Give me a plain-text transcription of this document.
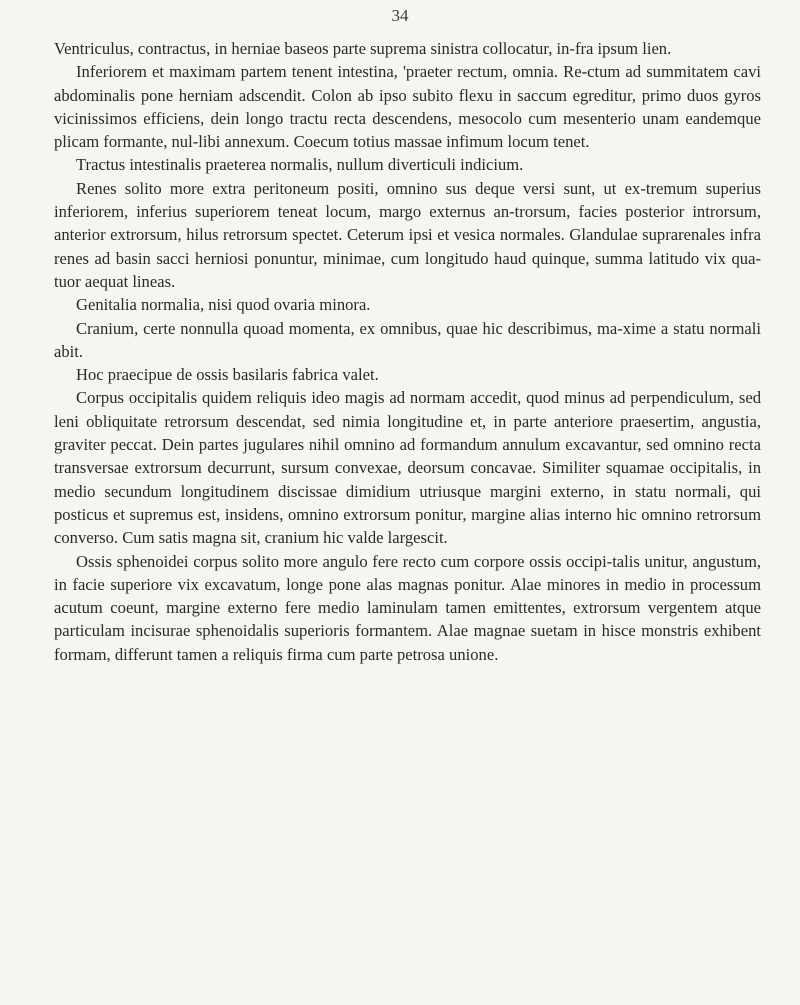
34

Ventriculus, contractus, in herniae baseos parte suprema sinistra collocatur, in-fra ipsum lien.

Inferiorem et maximam partem tenent intestina, 'praeter rectum, omnia. Re-ctum ad summitatem cavi abdominalis pone herniam adscendit. Colon ab ipso subito flexu in saccum egreditur, primo duos gyros vicinissimos efficiens, dein longo tractu recta descendens, mesocolo cum mesenterio unam eandemque plicam formante, nul-libi annexum. Coecum totius massae infimum locum tenet.

Tractus intestinalis praeterea normalis, nullum diverticuli indicium.

Renes solito more extra peritoneum positi, omnino sus deque versi sunt, ut ex-tremum superius inferiorem, inferius superiorem teneat locum, margo externus an-trorsum, facies posterior introrsum, anterior extrorsum, hilus retrorsum spectet. Ceterum ipsi et vesica normales. Glandulae suprarenales infra renes ad basin sacci herniosi ponuntur, minimae, cum longitudo haud quinque, summa latitudo vix qua-tuor aequat lineas.

Genitalia normalia, nisi quod ovaria minora.

Cranium, certe nonnulla quoad momenta, ex omnibus, quae hic describimus, ma-xime a statu normali abit.

Hoc praecipue de ossis basilaris fabrica valet.

Corpus occipitalis quidem reliquis ideo magis ad normam accedit, quod minus ad perpendiculum, sed leni obliquitate retrorsum descendat, sed nimia longitudine et, in parte anteriore praesertim, angustia, graviter peccat. Dein partes jugulares nihil omnino ad formandum annulum excavantur, sed omnino recta transversae extrorsum decurrunt, sursum convexae, deorsum concavae. Similiter squamae occipitalis, in medio secundum longitudinem discissae dimidium utriusque margini externo, in statu normali, qui posticus et supremus est, insidens, omnino extrorsum ponitur, margine alias interno hic omnino retrorsum converso. Cum satis magna sit, cranium hic valde largescit.

Ossis sphenoidei corpus solito more angulo fere recto cum corpore ossis occipi-talis unitur, angustum, in facie superiore vix excavatum, longe pone alas magnas ponitur. Alae minores in medio in processum acutum coeunt, margine externo fere medio laminulam tamen emittentes, extrorsum vergentem atque particulam incisurae sphenoidalis superioris formantem. Alae magnae suetam in hisce monstris exhibent formam, differunt tamen a reliquis firma cum parte petrosa unione.
